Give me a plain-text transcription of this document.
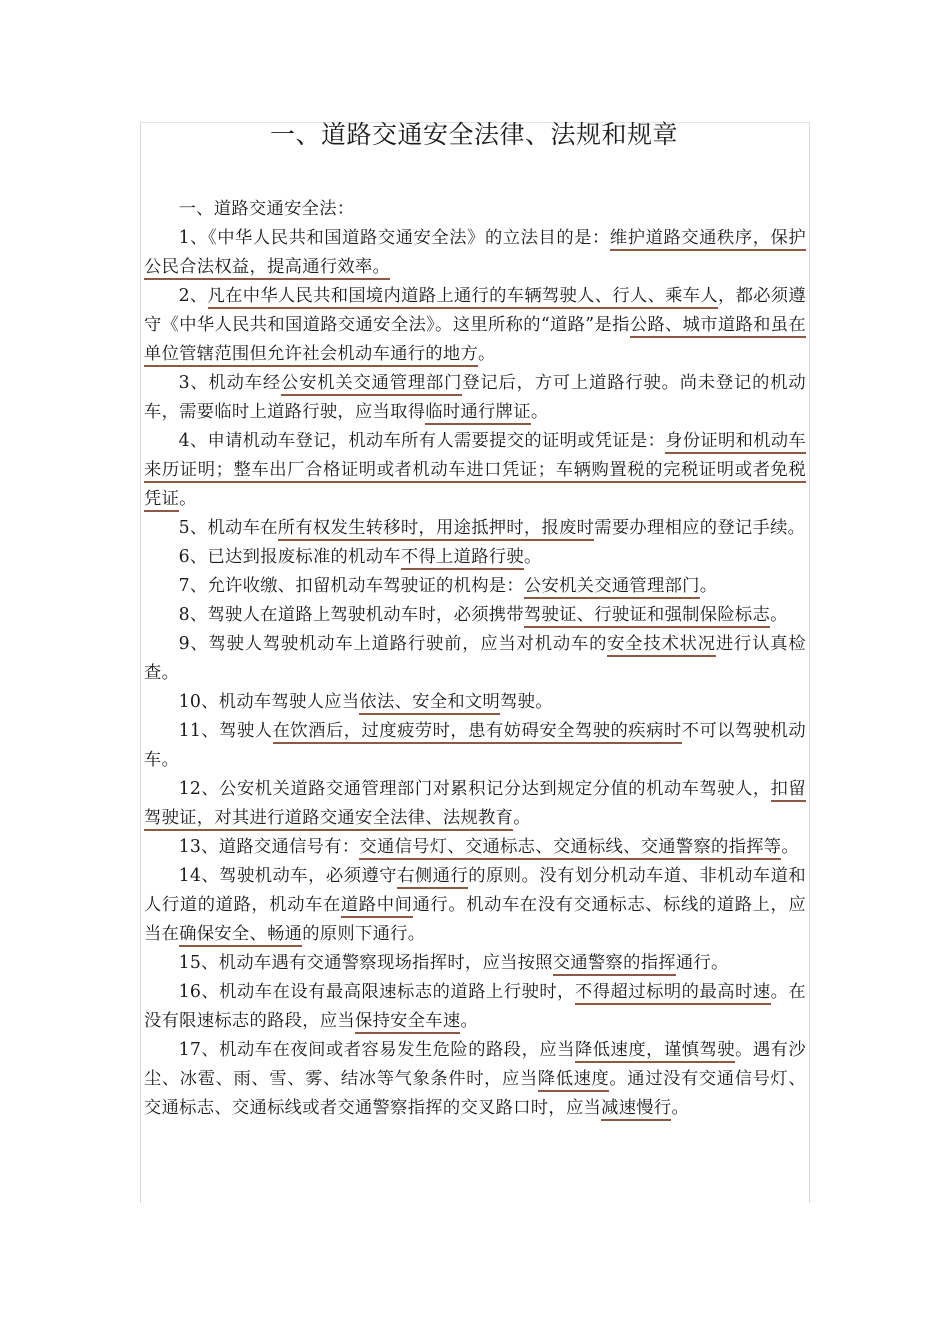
一、道路交通安全法律、法规和规章

一、道路交通安全法：

1、《中华人民共和国道路交通安全法》的立法目的是：维护道路交通秩序，保护公民合法权益，提高通行效率。

2、凡在中华人民共和国境内道路上通行的车辆驾驶人、行人、乘车人，都必须遵守《中华人民共和国道路交通安全法》。这里所称的“道路”是指公路、城市道路和虽在单位管辖范围但允许社会机动车通行的地方。

3、机动车经公安机关交通管理部门登记后，方可上道路行驶。尚未登记的机动车，需要临时上道路行驶，应当取得临时通行牌证。

4、申请机动车登记，机动车所有人需要提交的证明或凭证是：身份证明和机动车来历证明；整车出厂合格证明或者机动车进口凭证；车辆购置税的完税证明或者免税凭证。

5、机动车在所有权发生转移时，用途抵押时，报废时需要办理相应的登记手续。

6、已达到报废标准的机动车不得上道路行驶。

7、允许收缴、扣留机动车驾驶证的机构是：公安机关交通管理部门。

8、驾驶人在道路上驾驶机动车时，必须携带驾驶证、行驶证和强制保险标志。

9、驾驶人驾驶机动车上道路行驶前，应当对机动车的安全技术状况进行认真检查。

10、机动车驾驶人应当依法、安全和文明驾驶。

11、驾驶人在饮酒后，过度疲劳时，患有妨碍安全驾驶的疾病时不可以驾驶机动车。

12、公安机关道路交通管理部门对累积记分达到规定分值的机动车驾驶人，扣留驾驶证，对其进行道路交通安全法律、法规教育。

13、道路交通信号有：交通信号灯、交通标志、交通标线、交通警察的指挥等。

14、驾驶机动车，必须遵守右侧通行的原则。没有划分机动车道、非机动车道和人行道的道路，机动车在道路中间通行。机动车在没有交通标志、标线的道路上，应当在确保安全、畅通的原则下通行。

15、机动车遇有交通警察现场指挥时，应当按照交通警察的指挥通行。

16、机动车在设有最高限速标志的道路上行驶时，不得超过标明的最高时速。在没有限速标志的路段，应当保持安全车速。

17、机动车在夜间或者容易发生危险的路段，应当降低速度，谨慎驾驶。遇有沙尘、冰雹、雨、雪、雾、结冰等气象条件时，应当降低速度。通过没有交通信号灯、交通标志、交通标线或者交通警察指挥的交叉路口时，应当减速慢行。
